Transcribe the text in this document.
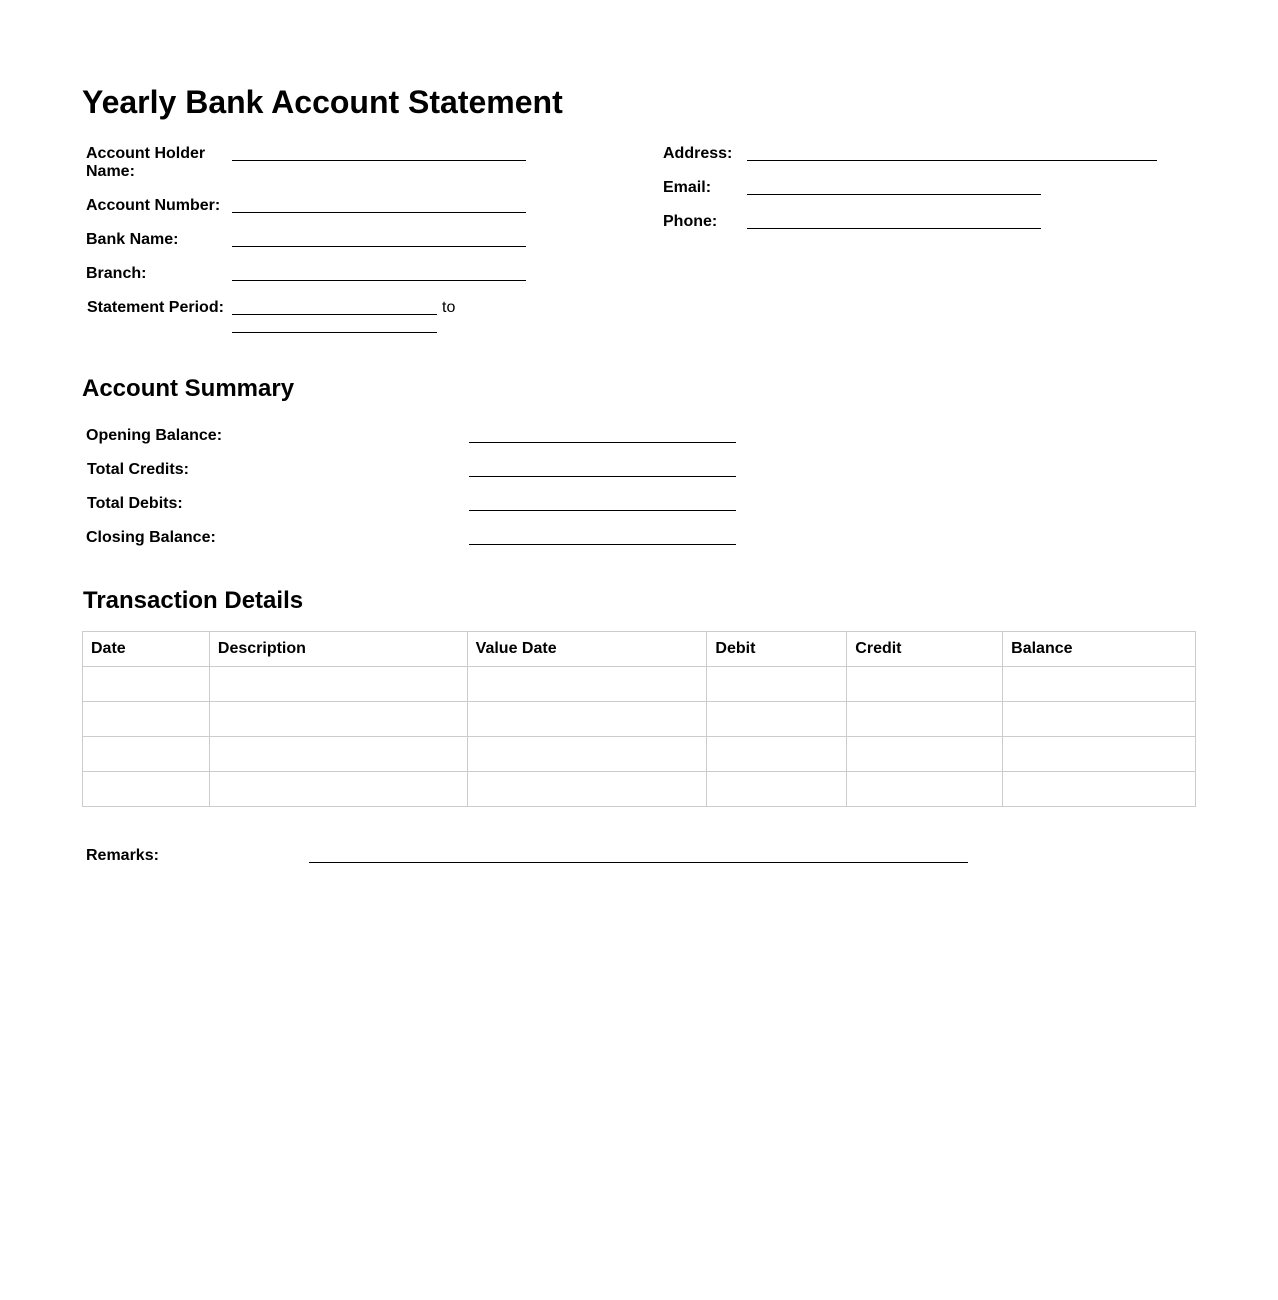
Yearly Bank Account Statement
Account Holder
Name:
Account Number:
Bank Name:
Branch:
Statement Period:	to
Address:
Email:
Phone:
Account Summary
Opening Balance:
Total Credits:
Total Debits:
Closing Balance:
Transaction Details
Date	Description	Value Date	Debit	Credit	Balance

Remarks:
